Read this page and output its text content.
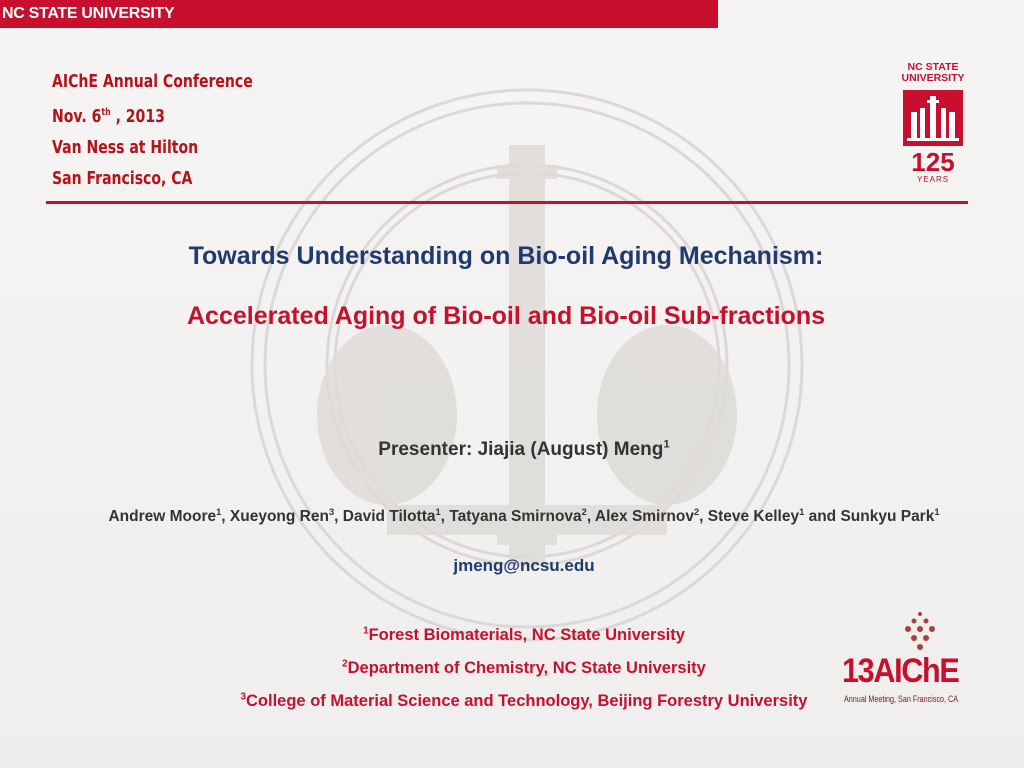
NC STATE UNIVERSITY
AIChE Annual Conference
Nov. 6th , 2013
Van Ness at Hilton
San Francisco, CA
NC STATE UNIVERSITY
125
YEARS
Towards Understanding on Bio-oil Aging Mechanism:
Accelerated Aging of Bio-oil and Bio-oil Sub-fractions
Presenter: Jiajia (August) Meng$^1$
Andrew Moore$^1$, Xueyong Ren$^3$, David Tilotta$^1$, Tatyana Smirnova$^2$, Alex Smirnov$^2$, Steve Kelley$^1$ and Sunkyu Park$^1$
jmeng@ncsu.edu
$^1$Forest Biomaterials, NC State University
$^2$Department of Chemistry, NC State University
$^3$College of Material Science and Technology, Beijing Forestry University
13AIChE
Annual Meeting, San Francisco, CA
